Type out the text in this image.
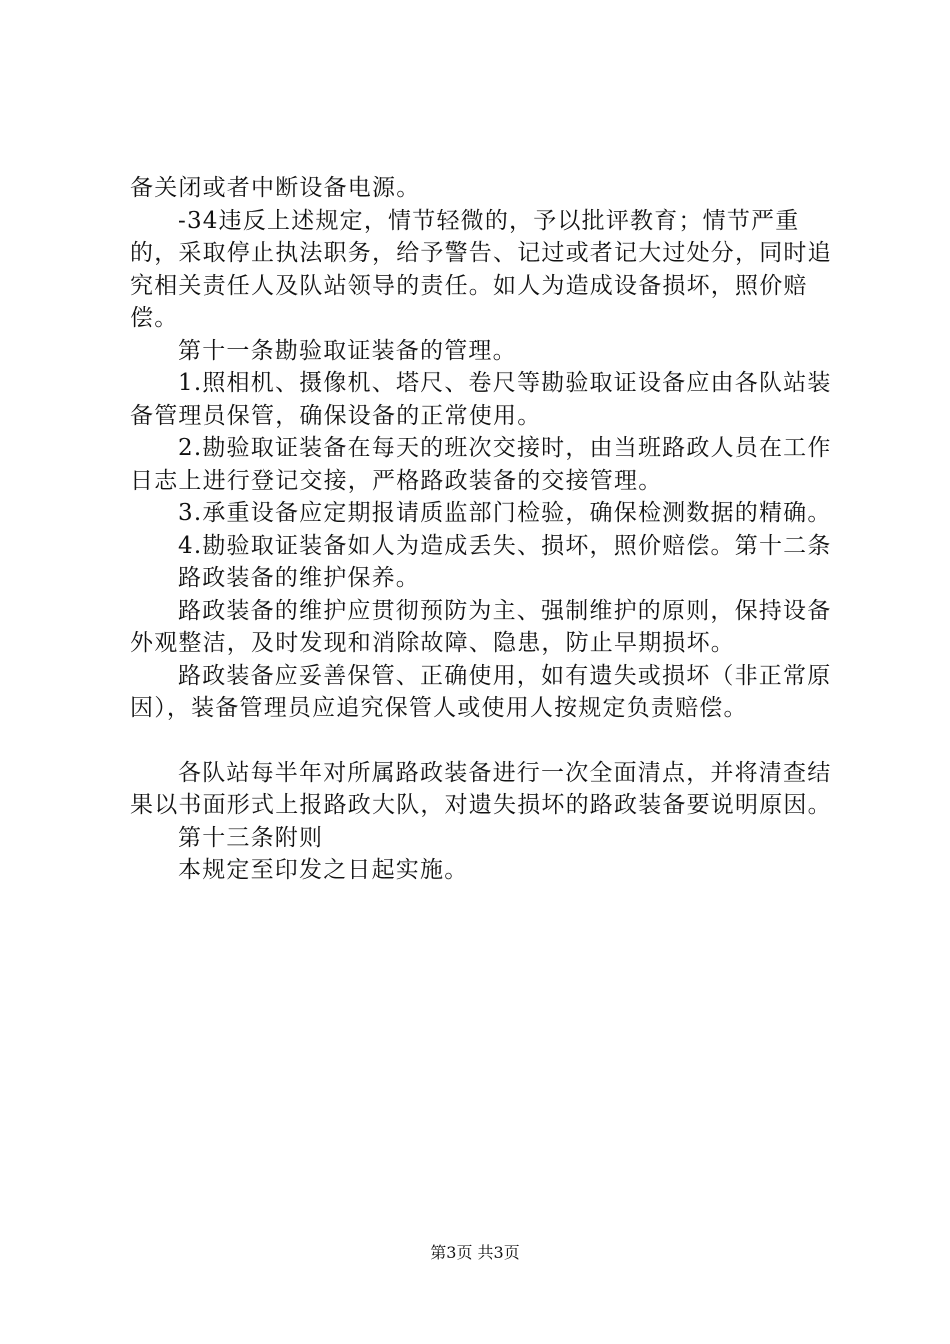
备关闭或者中断设备电源。

-34违反上述规定，情节轻微的，予以批评教育；情节严重的，采取停止执法职务，给予警告、记过或者记大过处分，同时追究相关责任人及队站领导的责任。如人为造成设备损坏，照价赔偿。

第十一条勘验取证装备的管理。

1.照相机、摄像机、塔尺、卷尺等勘验取证设备应由各队站装备管理员保管，确保设备的正常使用。

2.勘验取证装备在每天的班次交接时，由当班路政人员在工作日志上进行登记交接，严格路政装备的交接管理。

3.承重设备应定期报请质监部门检验，确保检测数据的精确。

4.勘验取证装备如人为造成丢失、损坏，照价赔偿。第十二条

路政装备的维护保养。

路政装备的维护应贯彻预防为主、强制维护的原则，保持设备外观整洁，及时发现和消除故障、隐患，防止早期损坏。

路政装备应妥善保管、正确使用，如有遗失或损坏（非正常原因），装备管理员应追究保管人或使用人按规定负责赔偿。

各队站每半年对所属路政装备进行一次全面清点，并将清查结果以书面形式上报路政大队，对遗失损坏的路政装备要说明原因。

第十三条附则

本规定至印发之日起实施。

第3页 共3页
